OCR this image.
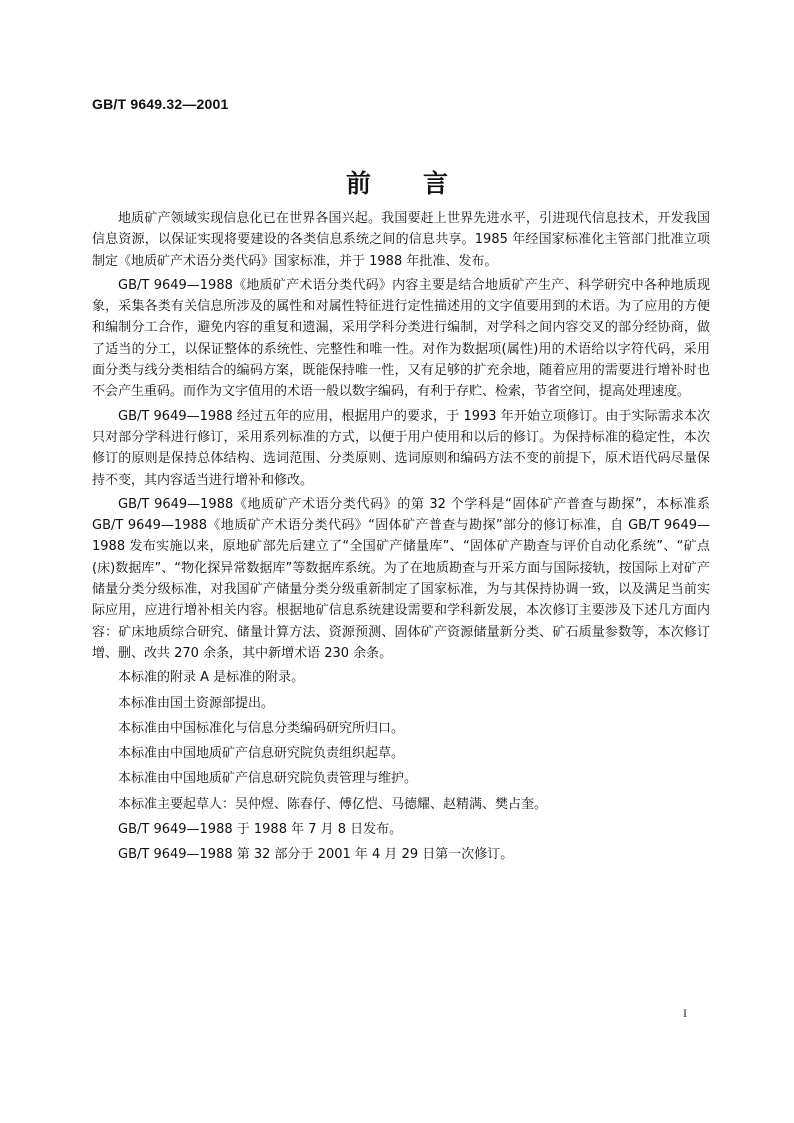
GB/T 9649.32—2001
前言

地质矿产领域实现信息化已在世界各国兴起。我国要赶上世界先进水平，引进现代信息技术，开发我国信息资源，以保证实现将要建设的各类信息系统之间的信息共享。1985 年经国家标准化主管部门批准立项制定《地质矿产术语分类代码》国家标准，并于 1988 年批准、发布。

GB/T 9649—1988《地质矿产术语分类代码》内容主要是结合地质矿产生产、科学研究中各种地质现象，采集各类有关信息所涉及的属性和对属性特征进行定性描述用的文字值要用到的术语。为了应用的方便和编制分工合作，避免内容的重复和遗漏，采用学科分类进行编制，对学科之间内容交叉的部分经协商，做了适当的分工，以保证整体的系统性、完整性和唯一性。对作为数据项(属性)用的术语给以字符代码，采用面分类与线分类相结合的编码方案，既能保持唯一性，又有足够的扩充余地，随着应用的需要进行增补时也不会产生重码。而作为文字值用的术语一般以数字编码，有利于存贮、检索，节省空间，提高处理速度。

GB/T 9649—1988 经过五年的应用，根据用户的要求，于 1993 年开始立项修订。由于实际需求本次只对部分学科进行修订，采用系列标准的方式，以便于用户使用和以后的修订。为保持标准的稳定性，本次修订的原则是保持总体结构、选词范围、分类原则、选词原则和编码方法不变的前提下，原术语代码尽量保持不变，其内容适当进行增补和修改。

GB/T 9649—1988《地质矿产术语分类代码》的第 32 个学科是“固体矿产普查与勘探”，本标准系 GB/T 9649—1988《地质矿产术语分类代码》“固体矿产普查与勘探”部分的修订标准，自 GB/T 9649—1988 发布实施以来，原地矿部先后建立了“全国矿产储量库”、“固体矿产勘查与评价自动化系统”、“矿点(床)数据库”、“物化探异常数据库”等数据库系统。为了在地质勘查与开采方面与国际接轨，按国际上对矿产储量分类分级标准，对我国矿产储量分类分级重新制定了国家标准，为与其保持协调一致，以及满足当前实际应用，应进行增补相关内容。根据地矿信息系统建设需要和学科新发展，本次修订主要涉及下述几方面内容：矿床地质综合研究、储量计算方法、资源预测、固体矿产资源储量新分类、矿石质量参数等，本次修订增、删、改共 270 余条，其中新增术语 230 余条。

本标准的附录 A 是标准的附录。

本标准由国土资源部提出。

本标准由中国标准化与信息分类编码研究所归口。

本标准由中国地质矿产信息研究院负责组织起草。

本标准由中国地质矿产信息研究院负责管理与维护。

本标准主要起草人：吴仲煜、陈春仔、傅亿恺、马德耀、赵精满、樊占奎。

GB/T 9649—1988 于 1988 年 7 月 8 日发布。

GB/T 9649—1988 第 32 部分于 2001 年 4 月 29 日第一次修订。

I
